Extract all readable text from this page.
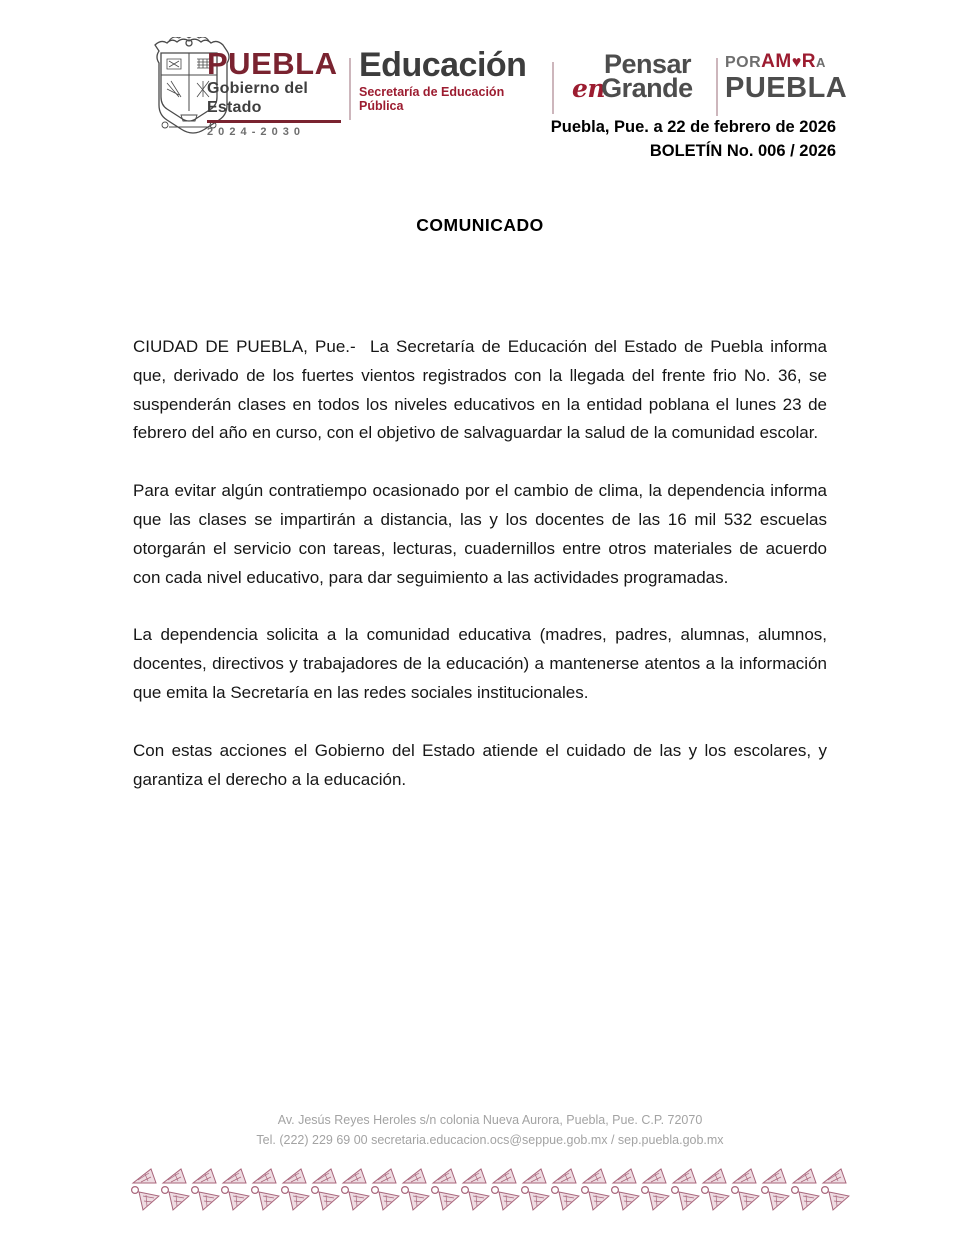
PUEBLA
Gobierno del Estado
2 0 2 4 - 2 0 3 0
Educación
Secretaría de Educación Pública
Pensar
enGrande
PORAM♥RA
PUEBLA
Puebla, Pue. a 22 de febrero de 2026
BOLETÍN No. 006 / 2026
COMUNICADO

CIUDAD DE PUEBLA, Pue.-  La Secretaría de Educación del Estado de Puebla informa que, derivado de los fuertes vientos registrados con la llegada del frente frio No. 36, se suspenderán clases en todos los niveles educativos en la entidad poblana el lunes 23 de febrero del año en curso, con el objetivo de salvaguardar la salud de la comunidad escolar.

Para evitar algún contratiempo ocasionado por el cambio de clima, la dependencia informa que las clases se impartirán a distancia, las y los docentes de las 16 mil 532 escuelas otorgarán el servicio con tareas, lecturas, cuadernillos entre otros materiales de acuerdo con cada nivel educativo, para dar seguimiento a las actividades programadas.

La dependencia solicita a la comunidad educativa (madres, padres, alumnas, alumnos, docentes, directivos y trabajadores de la educación) a mantenerse atentos a la información que emita la Secretaría en las redes sociales institucionales.

Con estas acciones el Gobierno del Estado atiende el cuidado de las y los escolares, y garantiza el derecho a la educación.

Av. Jesús Reyes Heroles s/n colonia Nueva Aurora, Puebla, Pue. C.P. 72070
Tel. (222) 229 69 00 secretaria.educacion.ocs@seppue.gob.mx / sep.puebla.gob.mx
